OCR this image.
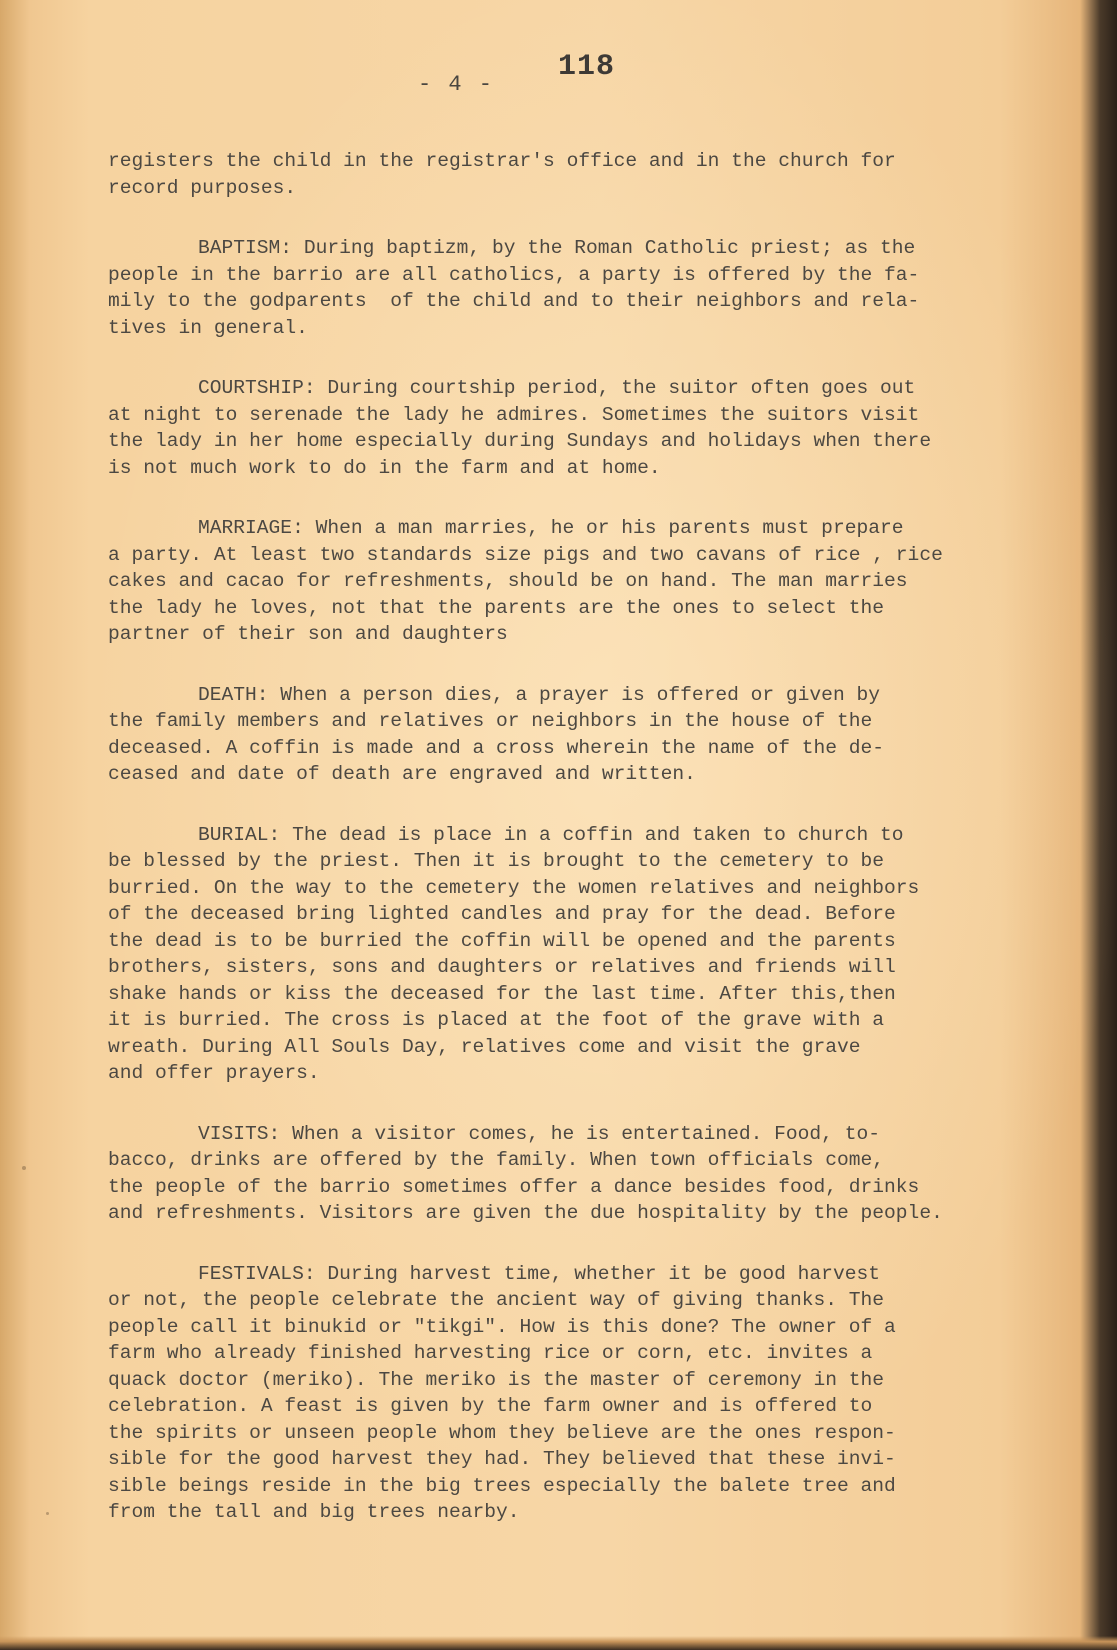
- 4 -
118
registers the child in the registrar's office and in the church for
record purposes.
BAPTISM: During baptizm, by the Roman Catholic priest; as the
people in the barrio are all catholics, a party is offered by the fa-
mily to the godparents  of the child and to their neighbors and rela-
tives in general.
COURTSHIP: During courtship period, the suitor often goes out
at night to serenade the lady he admires. Sometimes the suitors visit
the lady in her home especially during Sundays and holidays when there
is not much work to do in the farm and at home.
MARRIAGE: When a man marries, he or his parents must prepare
a party. At least two standards size pigs and two cavans of rice , rice
cakes and cacao for refreshments, should be on hand. The man marries
the lady he loves, not that the parents are the ones to select the
partner of their son and daughters
DEATH: When a person dies, a prayer is offered or given by
the family members and relatives or neighbors in the house of the
deceased. A coffin is made and a cross wherein the name of the de-
ceased and date of death are engraved and written.
BURIAL: The dead is place in a coffin and taken to church to
be blessed by the priest. Then it is brought to the cemetery to be
burried. On the way to the cemetery the women relatives and neighbors
of the deceased bring lighted candles and pray for the dead. Before
the dead is to be burried the coffin will be opened and the parents
brothers, sisters, sons and daughters or relatives and friends will
shake hands or kiss the deceased for the last time. After this,then
it is burried. The cross is placed at the foot of the grave with a
wreath. During All Souls Day, relatives come and visit the grave
and offer prayers.
VISITS: When a visitor comes, he is entertained. Food, to-
bacco, drinks are offered by the family. When town officials come,
the people of the barrio sometimes offer a dance besides food, drinks
and refreshments. Visitors are given the due hospitality by the people.
FESTIVALS: During harvest time, whether it be good harvest
or not, the people celebrate the ancient way of giving thanks. The
people call it binukid or "tikgi". How is this done? The owner of a
farm who already finished harvesting rice or corn, etc. invites a
quack doctor (meriko). The meriko is the master of ceremony in the
celebration. A feast is given by the farm owner and is offered to
the spirits or unseen people whom they believe are the ones respon-
sible for the good harvest they had. They believed that these invi-
sible beings reside in the big trees especially the balete tree and
from the tall and big trees nearby.
